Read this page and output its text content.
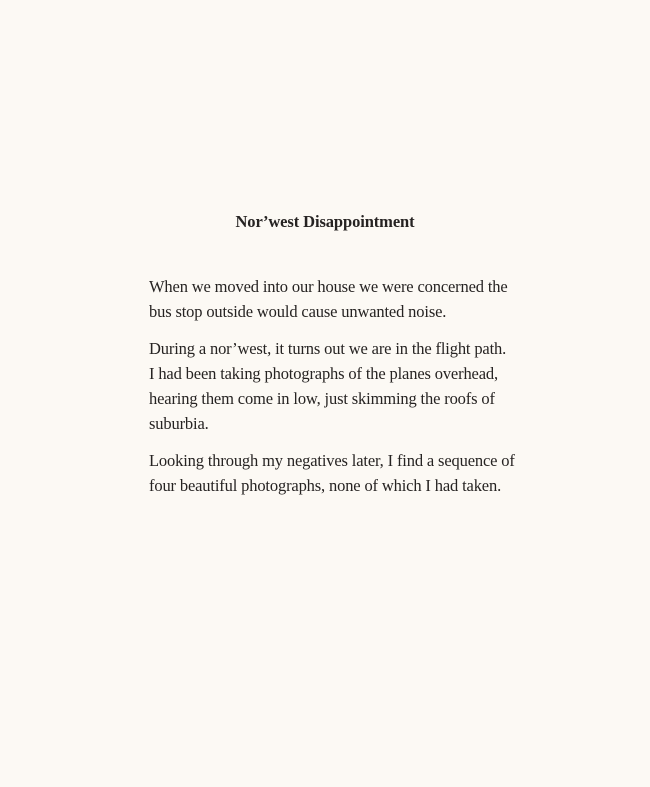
Nor’west Disappointment

When we moved into our house we were concerned the
bus stop outside would cause unwanted noise.

During a nor’west, it turns out we are in the flight path.
I had been taking photographs of the planes overhead,
hearing them come in low, just skimming the roofs of
suburbia.

Looking through my negatives later, I find a sequence of
four beautiful photographs, none of which I had taken.
